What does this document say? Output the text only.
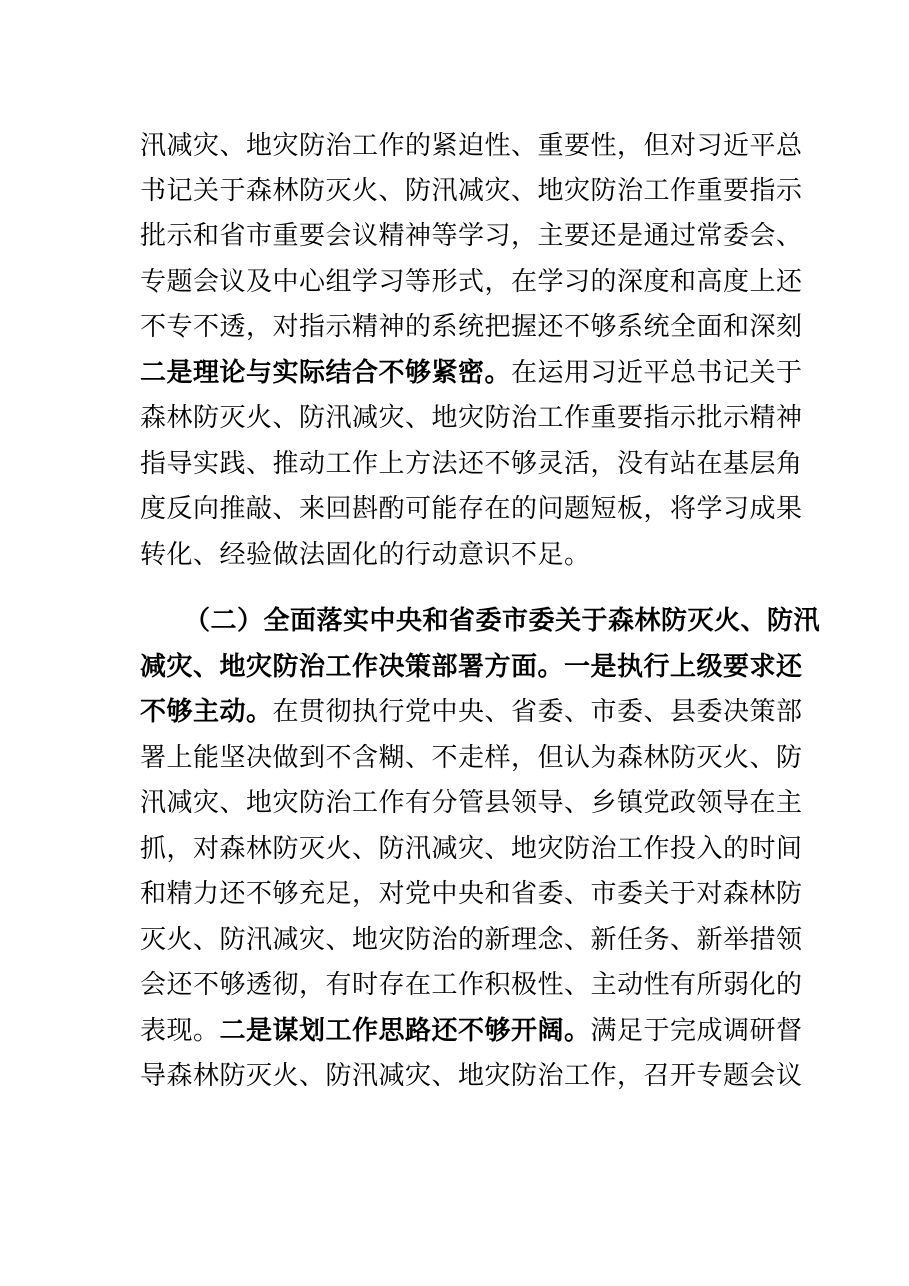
汛减灾、地灾防治工作的紧迫性、重要性，但对习近平总
书记关于森林防灭火、防汛减灾、地灾防治工作重要指示
批示和省市重要会议精神等学习，主要还是通过常委会、
专题会议及中心组学习等形式，在学习的深度和高度上还
不专不透，对指示精神的系统把握还不够系统全面和深刻
二是理论与实际结合不够紧密。在运用习近平总书记关于
森林防灭火、防汛减灾、地灾防治工作重要指示批示精神
指导实践、推动工作上方法还不够灵活，没有站在基层角
度反向推敲、来回斟酌可能存在的问题短板，将学习成果
转化、经验做法固化的行动意识不足。
（二）全面落实中央和省委市委关于森林防灭火、防汛
减灾、地灾防治工作决策部署方面。一是执行上级要求还
不够主动。在贯彻执行党中央、省委、市委、县委决策部
署上能坚决做到不含糊、不走样，但认为森林防灭火、防
汛减灾、地灾防治工作有分管县领导、乡镇党政领导在主
抓，对森林防灭火、防汛减灾、地灾防治工作投入的时间
和精力还不够充足，对党中央和省委、市委关于对森林防
灭火、防汛减灾、地灾防治的新理念、新任务、新举措领
会还不够透彻，有时存在工作积极性、主动性有所弱化的
表现。二是谋划工作思路还不够开阔。满足于完成调研督
导森林防灭火、防汛减灾、地灾防治工作，召开专题会议
